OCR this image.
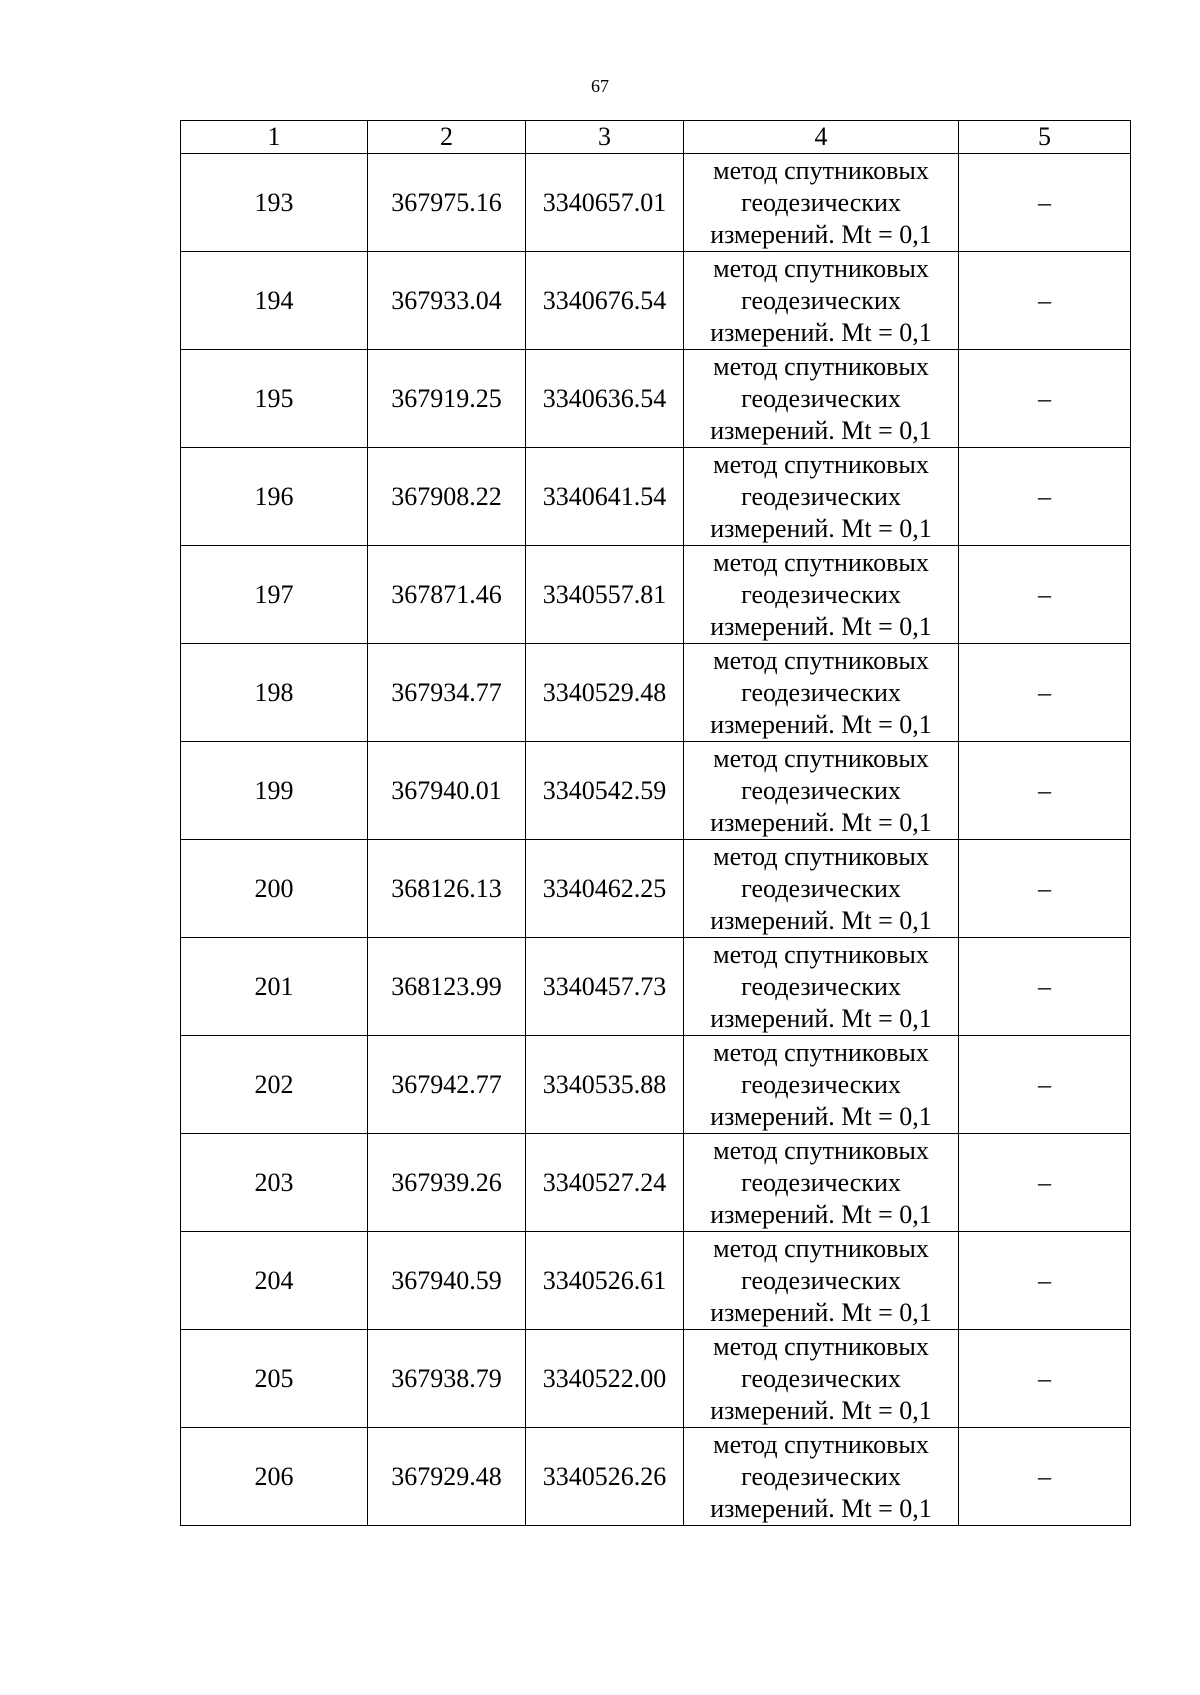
67
1	2	3	4	5
193	367975.16	3340657.01	метод спутниковых
геодезических
измерений. Mt = 0,1	–
194	367933.04	3340676.54	метод спутниковых
геодезических
измерений. Mt = 0,1	–
195	367919.25	3340636.54	метод спутниковых
геодезических
измерений. Mt = 0,1	–
196	367908.22	3340641.54	метод спутниковых
геодезических
измерений. Mt = 0,1	–
197	367871.46	3340557.81	метод спутниковых
геодезических
измерений. Mt = 0,1	–
198	367934.77	3340529.48	метод спутниковых
геодезических
измерений. Mt = 0,1	–
199	367940.01	3340542.59	метод спутниковых
геодезических
измерений. Mt = 0,1	–
200	368126.13	3340462.25	метод спутниковых
геодезических
измерений. Mt = 0,1	–
201	368123.99	3340457.73	метод спутниковых
геодезических
измерений. Mt = 0,1	–
202	367942.77	3340535.88	метод спутниковых
геодезических
измерений. Mt = 0,1	–
203	367939.26	3340527.24	метод спутниковых
геодезических
измерений. Mt = 0,1	–
204	367940.59	3340526.61	метод спутниковых
геодезических
измерений. Mt = 0,1	–
205	367938.79	3340522.00	метод спутниковых
геодезических
измерений. Mt = 0,1	–
206	367929.48	3340526.26	метод спутниковых
геодезических
измерений. Mt = 0,1	–
